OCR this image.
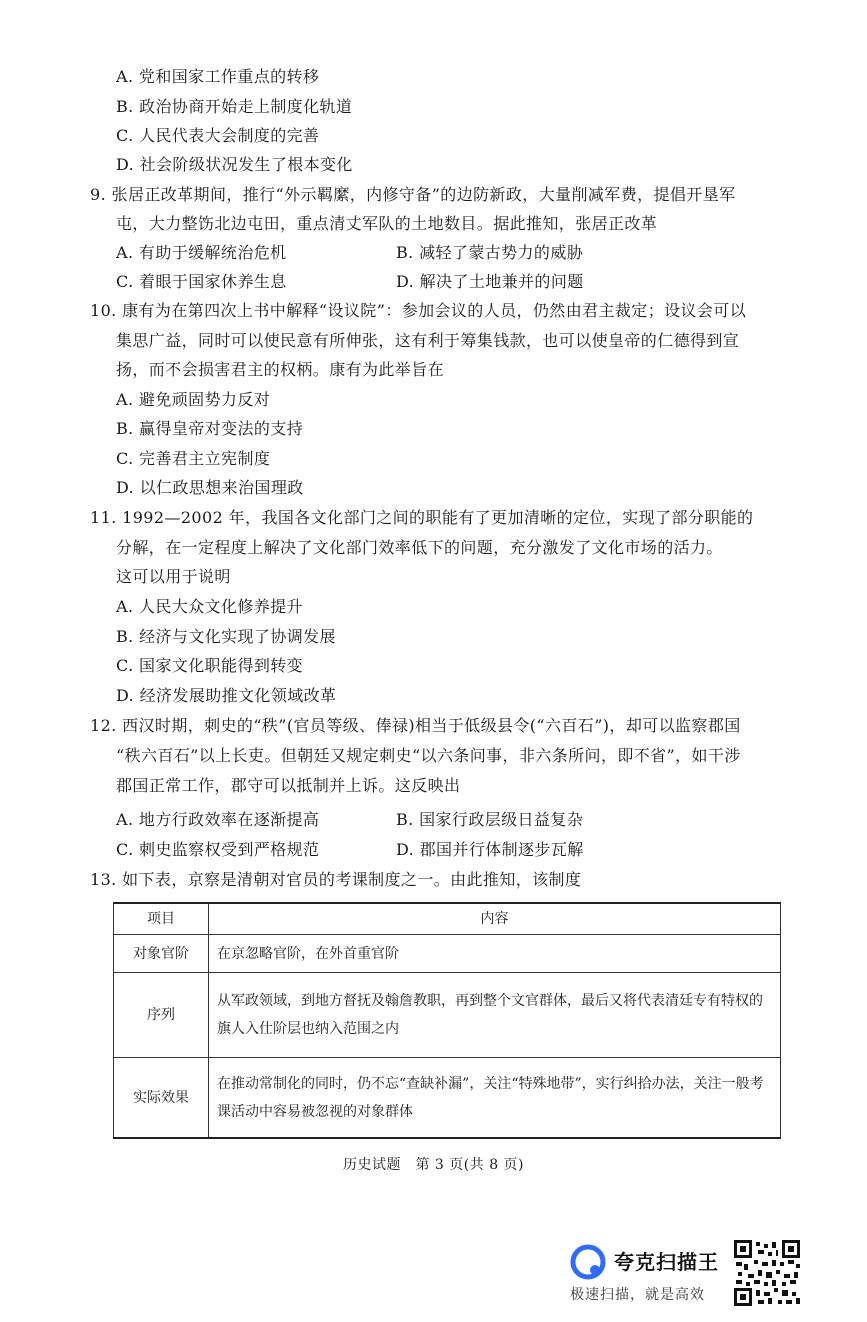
A. 党和国家工作重点的转移
B. 政治协商开始走上制度化轨道
C. 人民代表大会制度的完善
D. 社会阶级状况发生了根本变化
9. 张居正改革期间，推行“外示羁縻，内修守备”的边防新政，大量削减军费，提倡开垦军
屯，大力整饬北边屯田，重点清丈军队的土地数目。据此推知，张居正改革
A. 有助于缓解统治危机	B. 减轻了蒙古势力的威胁
C. 着眼于国家休养生息	D. 解决了土地兼并的问题
10. 康有为在第四次上书中解释“设议院”：参加会议的人员，仍然由君主裁定；设议会可以
集思广益，同时可以使民意有所伸张，这有利于筹集钱款，也可以使皇帝的仁德得到宣
扬，而不会损害君主的权柄。康有为此举旨在
A. 避免顽固势力反对
B. 赢得皇帝对变法的支持
C. 完善君主立宪制度
D. 以仁政思想来治国理政
11. 1992—2002 年，我国各文化部门之间的职能有了更加清晰的定位，实现了部分职能的
分解，在一定程度上解决了文化部门效率低下的问题，充分激发了文化市场的活力。
这可以用于说明
A. 人民大众文化修养提升
B. 经济与文化实现了协调发展
C. 国家文化职能得到转变
D. 经济发展助推文化领域改革
12. 西汉时期，刺史的“秩”(官员等级、俸禄)相当于低级县令(“六百石”)，却可以监察郡国
“秩六百石”以上长吏。但朝廷又规定刺史“以六条问事，非六条所问，即不省”，如干涉
郡国正常工作，郡守可以抵制并上诉。这反映出
A. 地方行政效率在逐渐提高	B. 国家行政层级日益复杂
C. 刺史监察权受到严格规范	D. 郡国并行体制逐步瓦解
13. 如下表，京察是清朝对官员的考课制度之一。由此推知，该制度
项目	内容
对象官阶	在京忽略官阶，在外首重官阶
序列	从军政领域，到地方督抚及翰詹教职，再到整个文官群体，最后又将代表清廷专有特权的旗人入仕阶层也纳入范围之内
实际效果	在推动常制化的同时，仍不忘“查缺补漏”，关注“特殊地带”，实行纠拾办法，关注一般考课活动中容易被忽视的对象群体
历史试题　第 3 页(共 8 页)
夸克扫描王
极速扫描，就是高效
